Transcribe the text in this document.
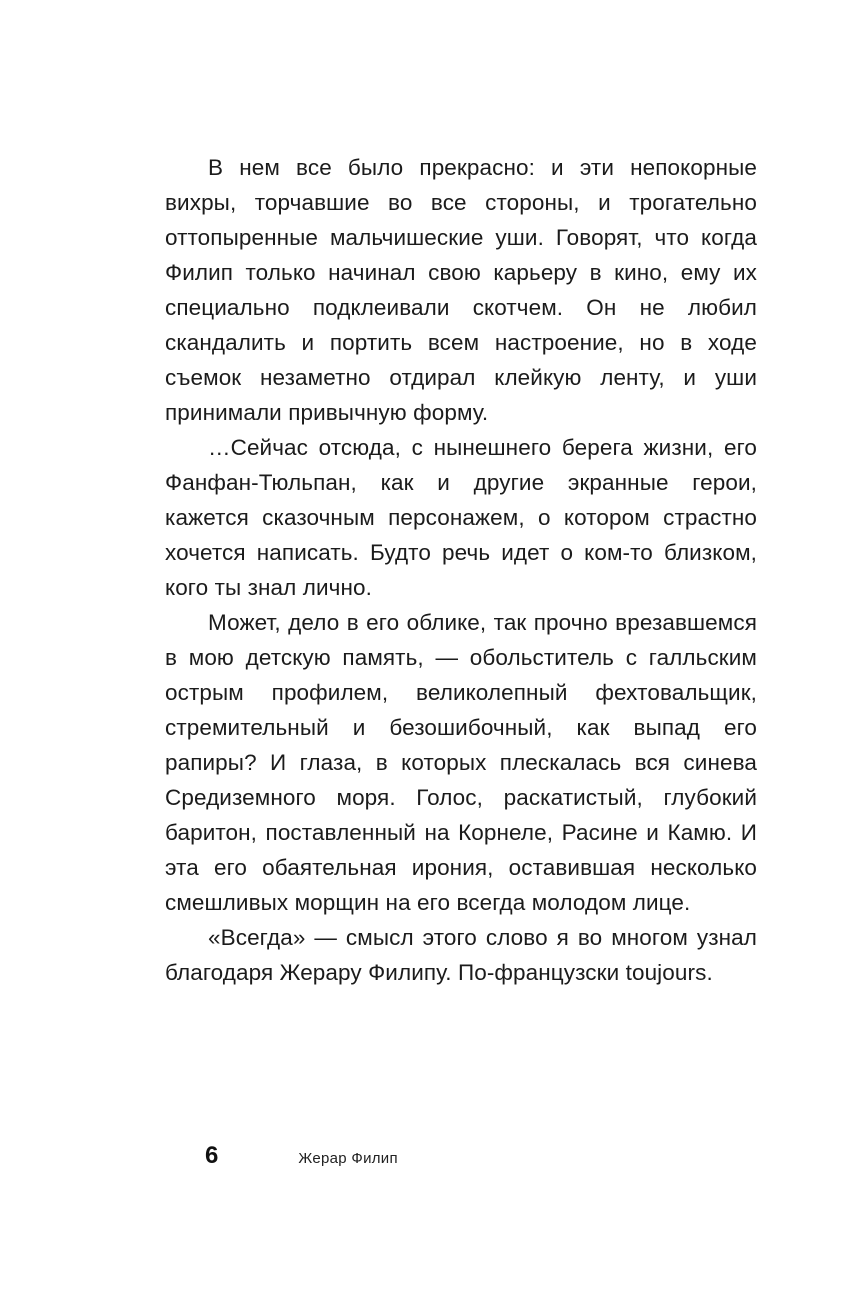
В нем все было прекрасно: и эти непокорные вихры, торчавшие во все стороны, и трогательно оттопыренные мальчишеские уши. Говорят, что когда Филип только начинал свою карьеру в кино, ему их специально подклеивали скотчем. Он не любил скандалить и портить всем настроение, но в ходе съемок незаметно отдирал клейкую ленту, и уши принимали привычную форму.

…Сейчас отсюда, с нынешнего берега жизни, его Фанфан-Тюльпан, как и другие экранные герои, кажется сказочным персонажем, о котором страстно хочется написать. Будто речь идет о ком-то близком, кого ты знал лично.

Может, дело в его облике, так прочно врезавшемся в мою детскую память, — обольститель с галльским острым профилем, великолепный фехтовальщик, стремительный и безошибочный, как выпад его рапиры? И глаза, в которых плескалась вся синева Средиземного моря. Голос, раскатистый, глубокий баритон, поставленный на Корнеле, Расине и Камю. И эта его обаятельная ирония, оставившая несколько смешливых морщин на его всегда молодом лице.

«Всегда» — смысл этого слово я во многом узнал благодаря Жерару Филипу. По-французски toujours.

6	Жерар Филип
